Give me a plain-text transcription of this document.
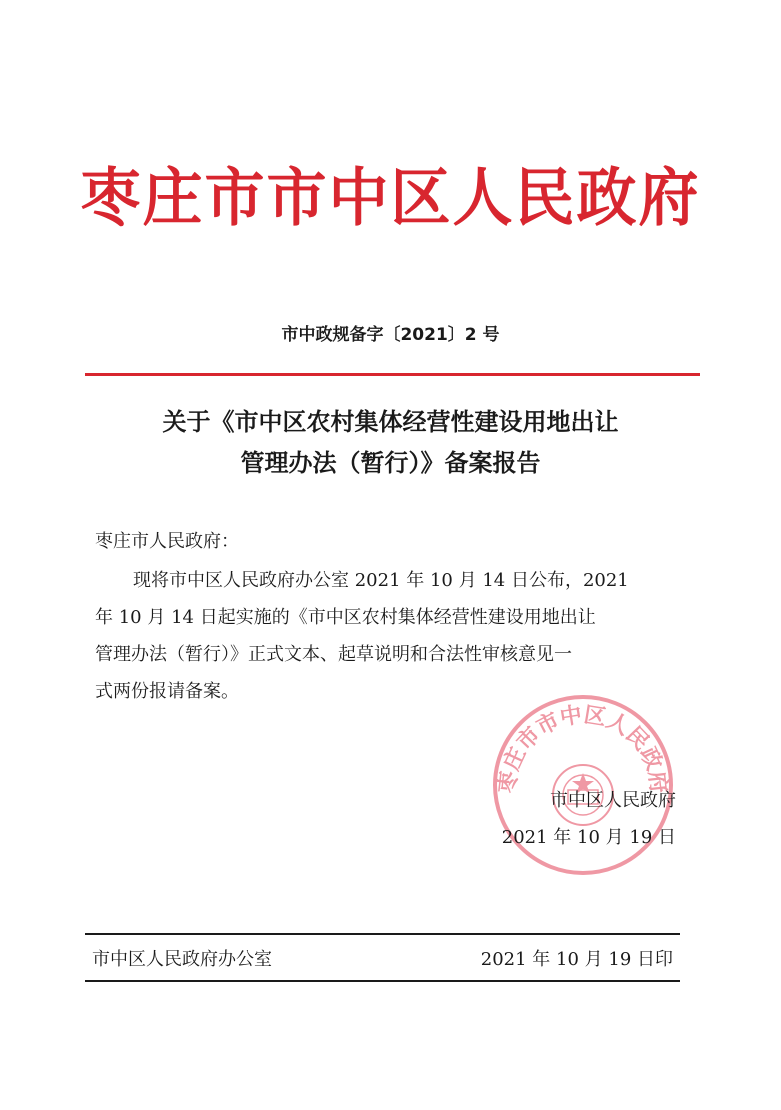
枣庄市市中区人民政府
市中政规备字〔2021〕2 号
关于《市中区农村集体经营性建设用地出让
管理办法（暂行）》备案报告
枣庄市人民政府：
现将市中区人民政府办公室 2021 年 10 月 14 日公布，2021
年 10 月 14 日起实施的《市中区农村集体经营性建设用地出让
管理办法（暂行）》正式文本、起草说明和合法性审核意见一
式两份报请备案。
枣庄市市中区人民政府
市中区人民政府
2021 年 10 月 19 日
市中区人民政府办公室	2021 年 10 月 19 日印
